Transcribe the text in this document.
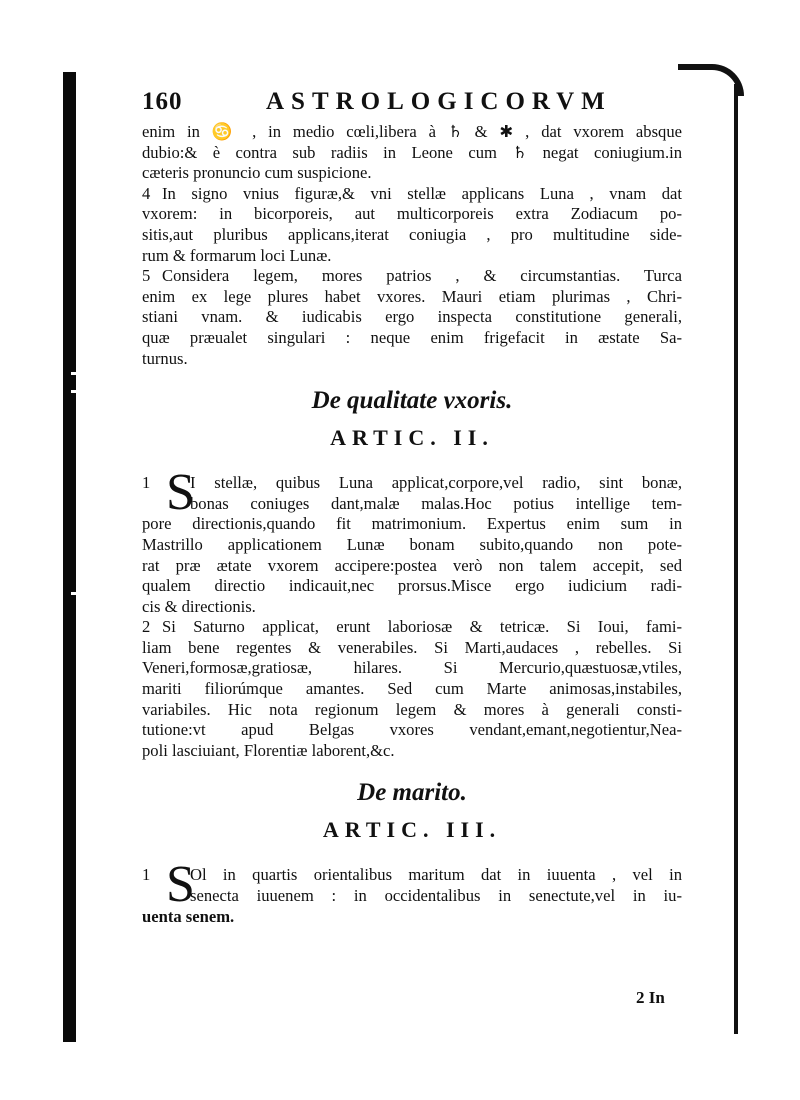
160	ASTROLOGICORVM
enim in ♋ , in medio cœli,libera à ♄ & ✱ , dat vxorem absque
dubio:& è contra sub radiis in Leone cum ♄ negat coniugium.in
cæteris pronuncio cum suspicione.
4 In signo vnius figuræ,& vni stellæ applicans Luna , vnam dat
vxorem: in bicorporeis, aut multicorporeis extra Zodiacum po-
sitis,aut pluribus applicans,iterat coniugia , pro multitudine side-
rum & formarum loci Lunæ.
5 Considera legem, mores patrios , & circumstantias. Turca
enim ex lege plures habet vxores. Mauri etiam plurimas , Chri-
stiani vnam. & iudicabis ergo inspecta constitutione generali,
quæ præualet singulari : neque enim frigefacit in æstate Sa-
turnus.
De qualitate vxoris.
ARTIC. II.
S
1 I stellæ, quibus Luna applicat,corpore,vel radio, sint bonæ,
bonas coniuges dant,malæ malas.Hoc potius intellige tem-
pore directionis,quando fit matrimonium. Expertus enim sum in
Mastrillo applicationem Lunæ bonam subito,quando non pote-
rat præ ætate vxorem accipere:postea verò non talem accepit, sed
qualem directio indicauit,nec prorsus.Misce ergo iudicium radi-
cis & directionis.
2 Si Saturno applicat, erunt laboriosæ & tetricæ. Si Ioui, fami-
liam bene regentes & venerabiles. Si Marti,audaces , rebelles. Si
Veneri,formosæ,gratiosæ, hilares. Si Mercurio,quæstuosæ,vtiles,
mariti filiorúmque amantes. Sed cum Marte animosas,instabiles,
variabiles. Hic nota regionum legem & mores à generali consti-
tutione:vt apud Belgas vxores vendant,emant,negotientur,Nea-
poli lasciuiant, Florentiæ laborent,&c.
De marito.
ARTIC. III.
S
1 Ol in quartis orientalibus maritum dat in iuuenta , vel in
senecta iuuenem : in occidentalibus in senectute,vel in iu-
uenta senem.
2 In
